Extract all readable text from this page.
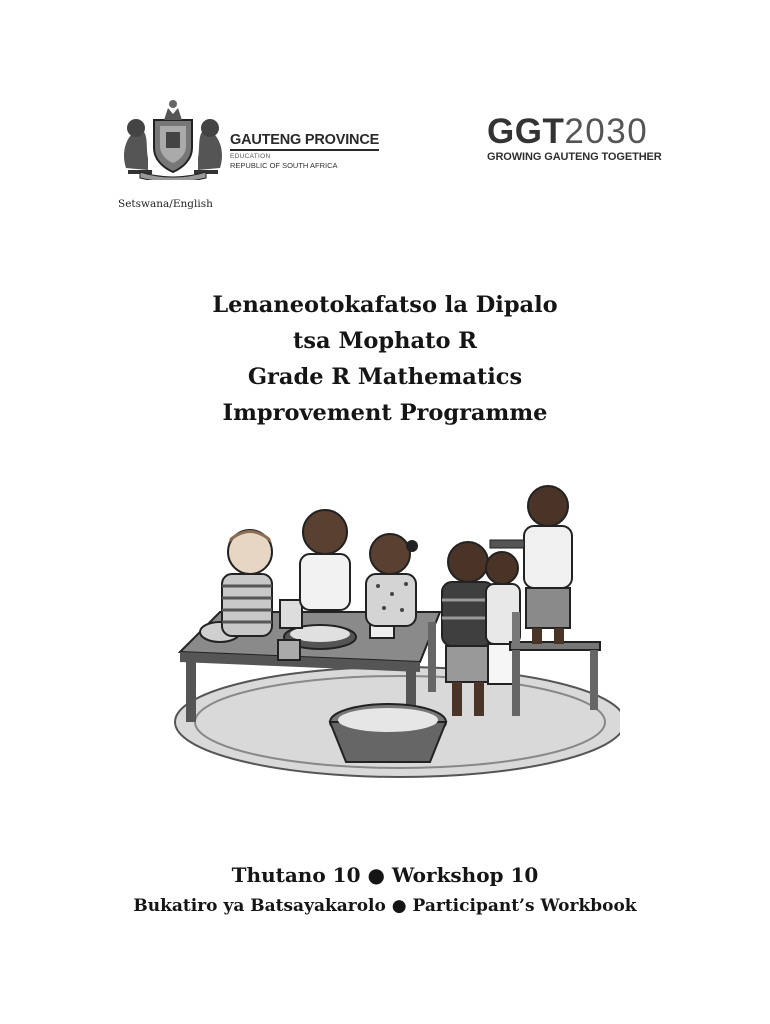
GAUTENG PROVINCE
EDUCATION
REPUBLIC OF SOUTH AFRICA
GGT2030
GROWING GAUTENG TOGETHER
Setswana/English
Lenaneotokafatso la Dipalo
tsa Mophato R
Grade R Mathematics
Improvement Programme
Thutano 10 ● Workshop 10
Bukatiro ya Batsayakarolo ● Participant’s Workbook
